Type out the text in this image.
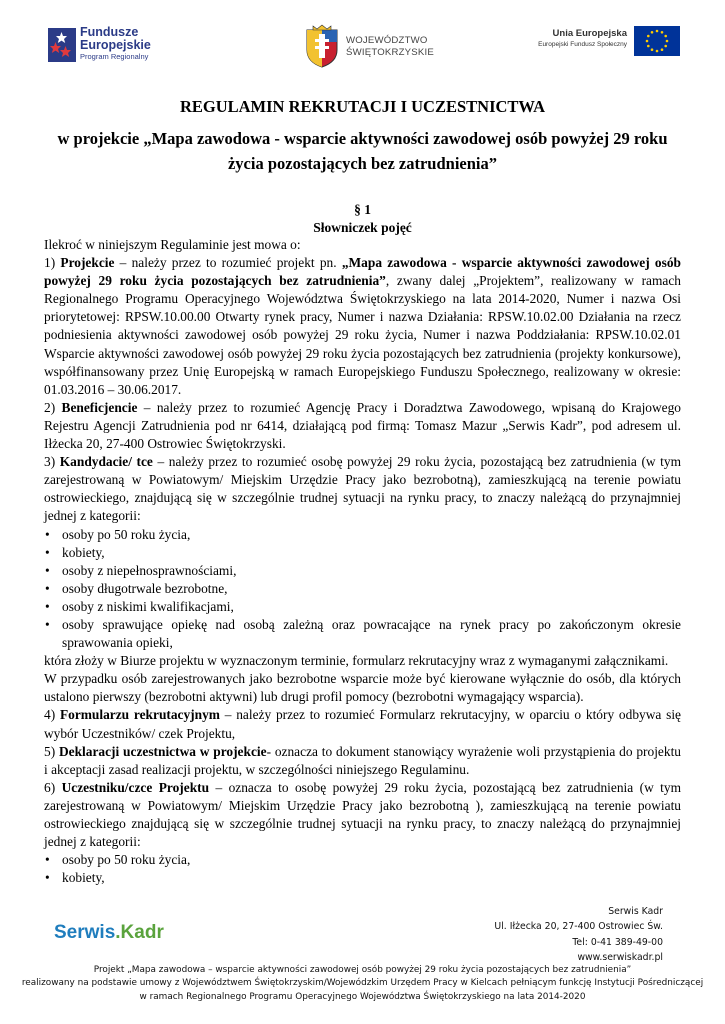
Fundusze
Europejskie
Program Regionalny
WOJEWÓDZTWO
ŚWIĘTOKRZYSKIE
Unia Europejska
Europejski Fundusz Społeczny
REGULAMIN REKRUTACJI I UCZESTNICTWA
w projekcie „Mapa zawodowa - wsparcie aktywności zawodowej osób powyżej 29 roku
życia pozostających bez zatrudnienia”
§ 1
Słowniczek pojęć

Ilekroć w niniejszym Regulaminie jest mowa o:

1) Projekcie – należy przez to rozumieć projekt pn. „Mapa zawodowa - wsparcie aktywności zawodowej osób powyżej 29 roku życia pozostających bez zatrudnienia”, zwany dalej „Projektem”, realizowany w ramach Regionalnego Programu Operacyjnego Województwa Świętokrzyskiego na lata 2014-2020, Numer i nazwa Osi priorytetowej: RPSW.10.00.00 Otwarty rynek pracy, Numer i nazwa Działania: RPSW.10.02.00 Działania na rzecz podniesienia aktywności zawodowej osób powyżej 29 roku życia, Numer i nazwa Poddziałania: RPSW.10.02.01 Wsparcie aktywności zawodowej osób powyżej 29 roku życia pozostających bez zatrudnienia (projekty konkursowe), współfinansowany przez Unię Europejską w ramach Europejskiego Funduszu Społecznego, realizowany w okresie: 01.03.2016 – 30.06.2017.

2) Beneficjencie – należy przez to rozumieć Agencję Pracy i Doradztwa Zawodowego, wpisaną do Krajowego Rejestru Agencji Zatrudnienia pod nr 6414, działającą pod firmą: Tomasz Mazur „Serwis Kadr”, pod adresem ul. Iłżecka 20, 27-400 Ostrowiec Świętokrzyski.

3) Kandydacie/ tce – należy przez to rozumieć osobę powyżej 29 roku życia, pozostającą bez zatrudnienia (w tym zarejestrowaną w Powiatowym/ Miejskim Urzędzie Pracy jako bezrobotną), zamieszkującą na terenie powiatu ostrowieckiego, znajdującą się w szczególnie trudnej sytuacji na rynku pracy, to znaczy należącą do przynajmniej jednej z kategorii:

• osoby po 50 roku życia,
• kobiety,
• osoby z niepełnosprawnościami,
• osoby długotrwale bezrobotne,
• osoby z niskimi kwalifikacjami,
• osoby sprawujące opiekę nad osobą zależną oraz powracające na rynek pracy po zakończonym okresie sprawowania opieki,

która złoży w Biurze projektu w wyznaczonym terminie, formularz rekrutacyjny wraz z wymaganymi załącznikami.

W przypadku osób zarejestrowanych jako bezrobotne wsparcie może być kierowane wyłącznie do osób, dla których ustalono pierwszy (bezrobotni aktywni) lub drugi profil pomocy (bezrobotni wymagający wsparcia).

4) Formularzu rekrutacyjnym – należy przez to rozumieć Formularz rekrutacyjny, w oparciu o który odbywa się wybór Uczestników/ czek Projektu,

5) Deklaracji uczestnictwa w projekcie- oznacza to dokument stanowiący wyrażenie woli przystąpienia do projektu i akceptacji zasad realizacji projektu, w szczególności niniejszego Regulaminu.

6) Uczestniku/czce Projektu – oznacza to osobę powyżej 29 roku życia, pozostającą bez zatrudnienia (w tym zarejestrowaną w Powiatowym/ Miejskim Urzędzie Pracy jako bezrobotną ), zamieszkującą na terenie powiatu ostrowieckiego znajdującą się w szczególnie trudnej sytuacji na rynku pracy, to znaczy należącą do przynajmniej jednej z kategorii:

• osoby po 50 roku życia,
• kobiety,
Serwis.Kadr
Serwis Kadr
Ul. Iłżecka 20, 27-400 Ostrowiec Św.
Tel: 0-41 389-49-00
www.serwiskadr.pl
Projekt „Mapa zawodowa – wsparcie aktywności zawodowej osób powyżej 29 roku życia pozostających bez zatrudnienia”
realizowany na podstawie umowy z Województwem Świętokrzyskim/Wojewódzkim Urzędem Pracy w Kielcach pełniącym funkcję Instytucji Pośredniczącej
w ramach Regionalnego Programu Operacyjnego Województwa Świętokrzyskiego na lata 2014-2020
